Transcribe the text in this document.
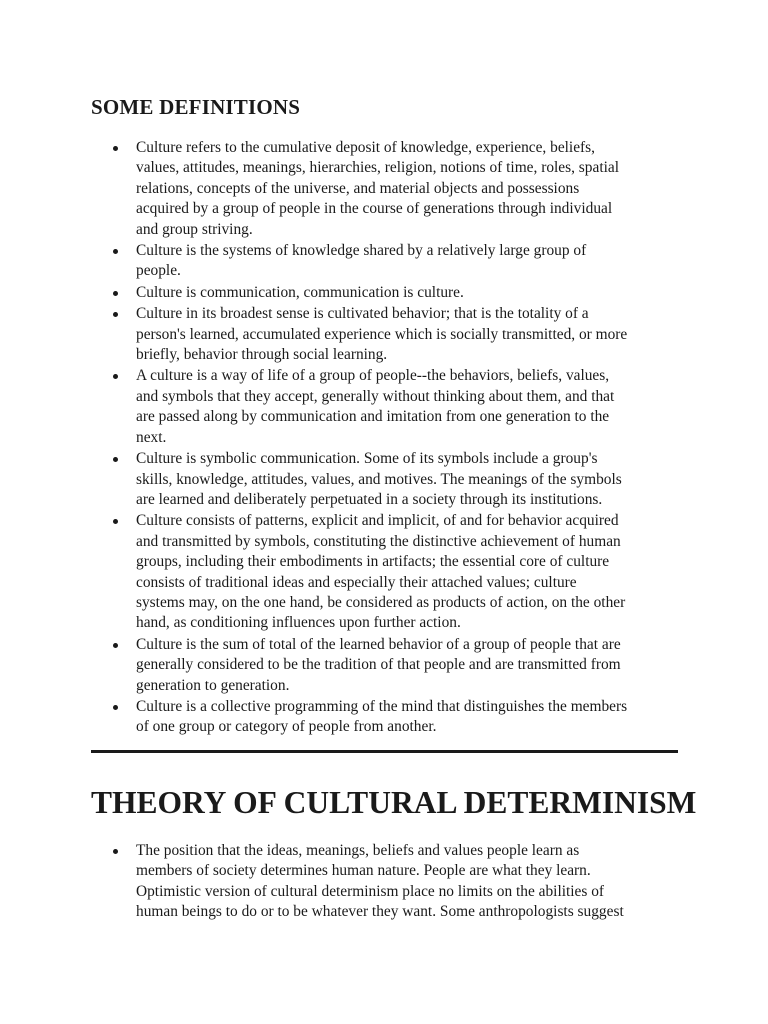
SOME DEFINITIONS
Culture refers to the cumulative deposit of knowledge, experience, beliefs,
values, attitudes, meanings, hierarchies, religion, notions of time, roles, spatial
relations, concepts of the universe, and material objects and possessions
acquired by a group of people in the course of generations through individual
and group striving.
Culture is the systems of knowledge shared by a relatively large group of
people.
Culture is communication, communication is culture.
Culture in its broadest sense is cultivated behavior; that is the totality of a
person's learned, accumulated experience which is socially transmitted, or more
briefly, behavior through social learning.
A culture is a way of life of a group of people--the behaviors, beliefs, values,
and symbols that they accept, generally without thinking about them, and that
are passed along by communication and imitation from one generation to the
next.
Culture is symbolic communication. Some of its symbols include a group's
skills, knowledge, attitudes, values, and motives. The meanings of the symbols
are learned and deliberately perpetuated in a society through its institutions.
Culture consists of patterns, explicit and implicit, of and for behavior acquired
and transmitted by symbols, constituting the distinctive achievement of human
groups, including their embodiments in artifacts; the essential core of culture
consists of traditional ideas and especially their attached values; culture
systems may, on the one hand, be considered as products of action, on the other
hand, as conditioning influences upon further action.
Culture is the sum of total of the learned behavior of a group of people that are
generally considered to be the tradition of that people and are transmitted from
generation to generation.
Culture is a collective programming of the mind that distinguishes the members
of one group or category of people from another.
THEORY OF CULTURAL DETERMINISM
The position that the ideas, meanings, beliefs and values people learn as
members of society determines human nature. People are what they learn.
Optimistic version of cultural determinism place no limits on the abilities of
human beings to do or to be whatever they want. Some anthropologists suggest
